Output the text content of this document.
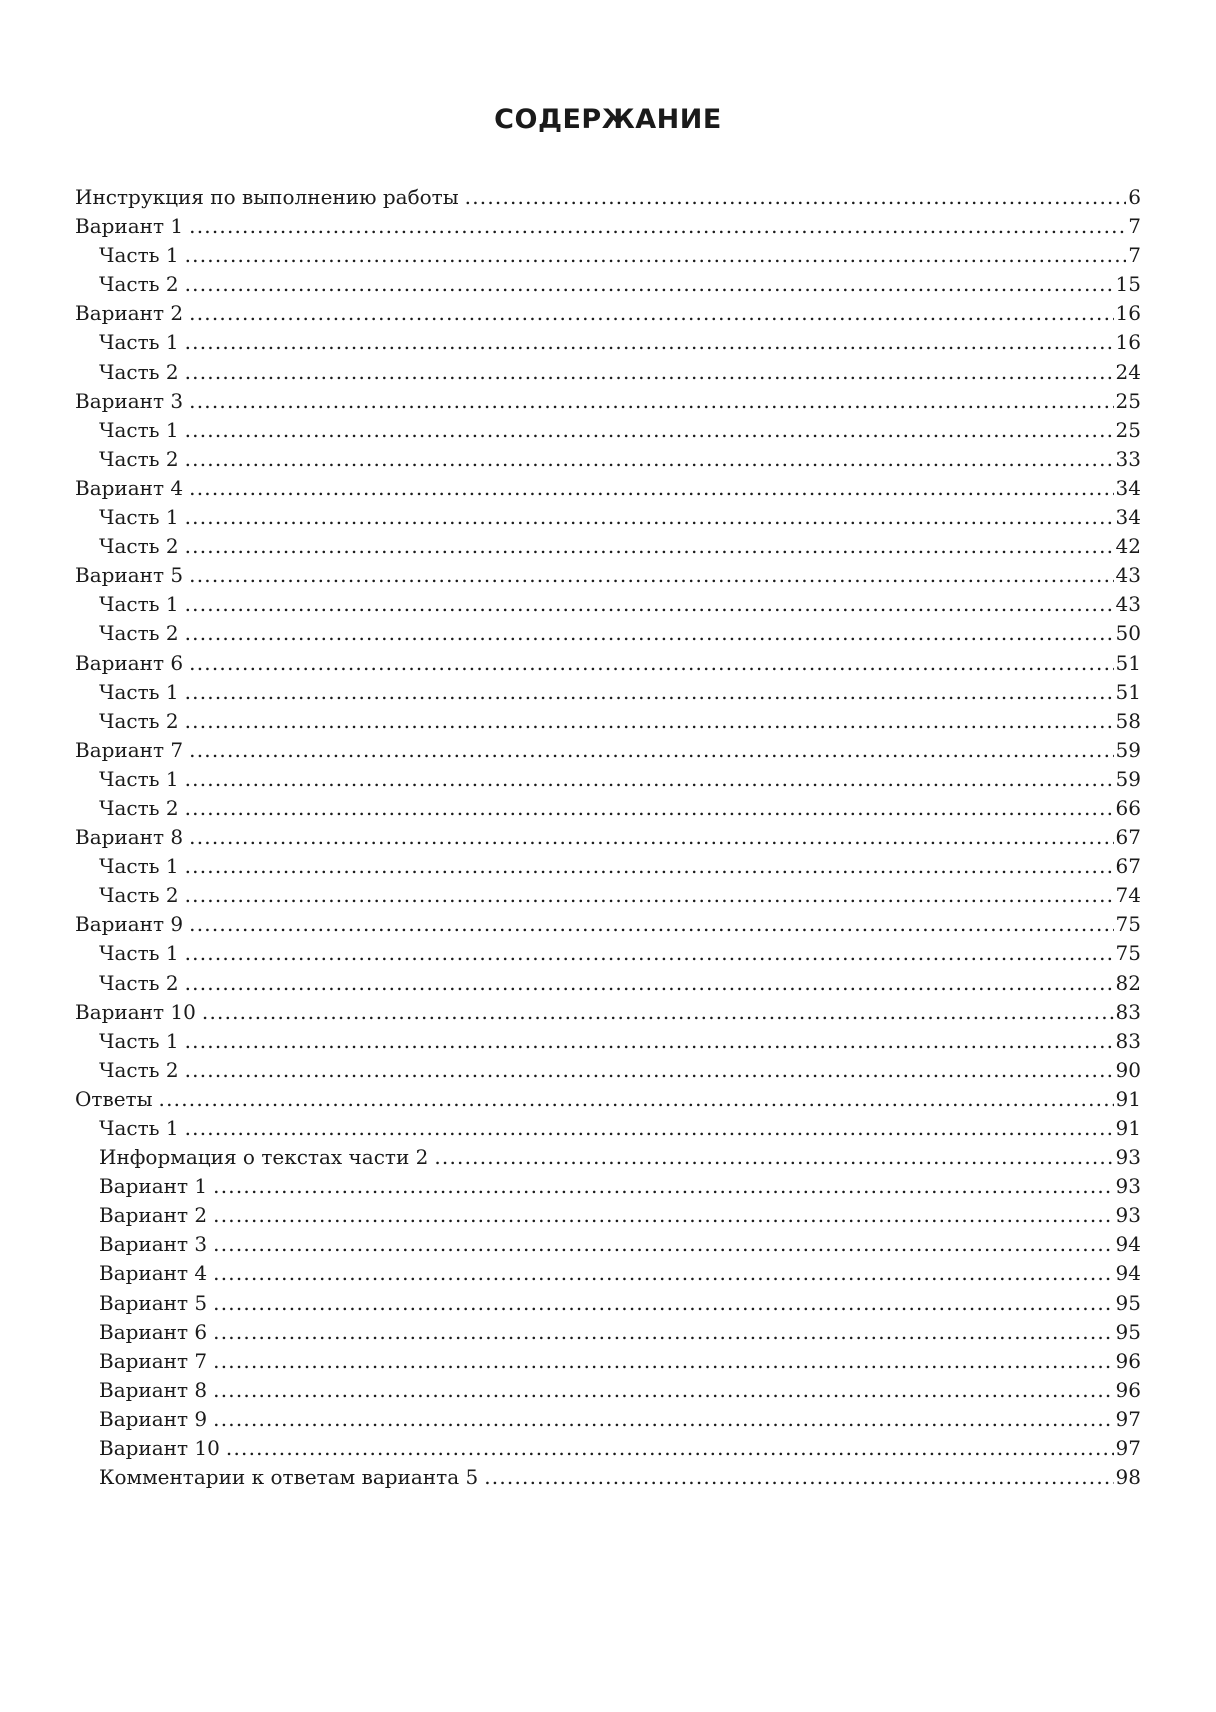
СОДЕРЖАНИЕ
Инструкция по выполнению работы .....	6
Вариант 1 .....	7
Часть 1 .....	7
Часть 2 .....	15
Вариант 2 .....	16
Часть 1 .....	16
Часть 2 .....	24
Вариант 3 .....	25
Часть 1 .....	25
Часть 2 .....	33
Вариант 4 .....	34
Часть 1 .....	34
Часть 2 .....	42
Вариант 5 .....	43
Часть 1 .....	43
Часть 2 .....	50
Вариант 6 .....	51
Часть 1 .....	51
Часть 2 .....	58
Вариант 7 .....	59
Часть 1 .....	59
Часть 2 .....	66
Вариант 8 .....	67
Часть 1 .....	67
Часть 2 .....	74
Вариант 9 .....	75
Часть 1 .....	75
Часть 2 .....	82
Вариант 10 .....	83
Часть 1 .....	83
Часть 2 .....	90
Ответы .....	91
Часть 1 .....	91
Информация о текстах части 2 .....	93
Вариант 1 .....	93
Вариант 2 .....	93
Вариант 3 .....	94
Вариант 4 .....	94
Вариант 5 .....	95
Вариант 6 .....	95
Вариант 7 .....	96
Вариант 8 .....	96
Вариант 9 .....	97
Вариант 10 .....	97
Комментарии к ответам варианта 5 .....	98
